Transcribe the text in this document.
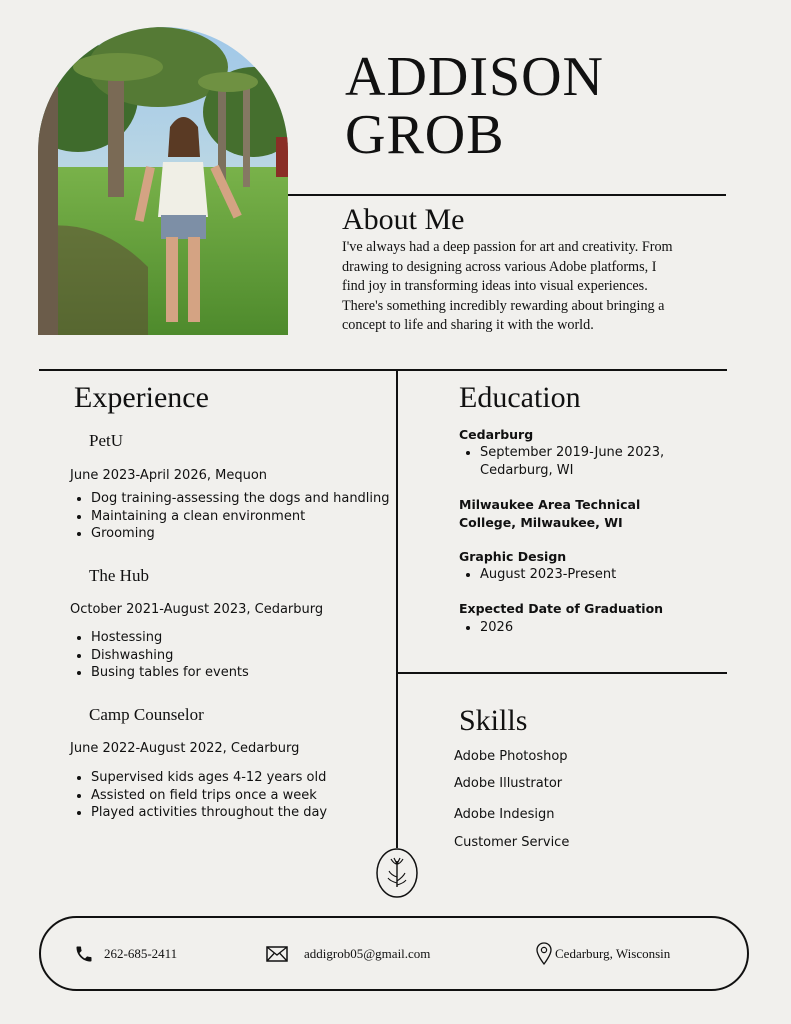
ADDISON
GROB
About Me

I've always had a deep passion for art and creativity. From drawing to designing across various Adobe platforms, I find joy in transforming ideas into visual experiences. There's something incredibly rewarding about bringing a concept to life and sharing it with the world.

Experience
PetU
June 2023-April 2026, Mequon
• Dog training-assessing the dogs and handling
• Maintaining a clean environment
• Grooming
The Hub
October 2021-August 2023, Cedarburg
• Hostessing
• Dishwashing
• Busing tables for events
Camp Counselor
June 2022-August 2022, Cedarburg
• Supervised kids ages 4-12 years old
• Assisted on field trips once a week
• Played activities throughout the day
Education
Cedarburg
• September 2019-June 2023, Cedarburg, WI
Milwaukee Area Technical College, Milwaukee, WI
Graphic Design
• August 2023-Present
Expected Date of Graduation
• 2026
Skills
Adobe Photoshop
Adobe Illustrator
Adobe Indesign
Customer Service
262-685-2411	addigrob05@gmail.com	Cedarburg, Wisconsin
